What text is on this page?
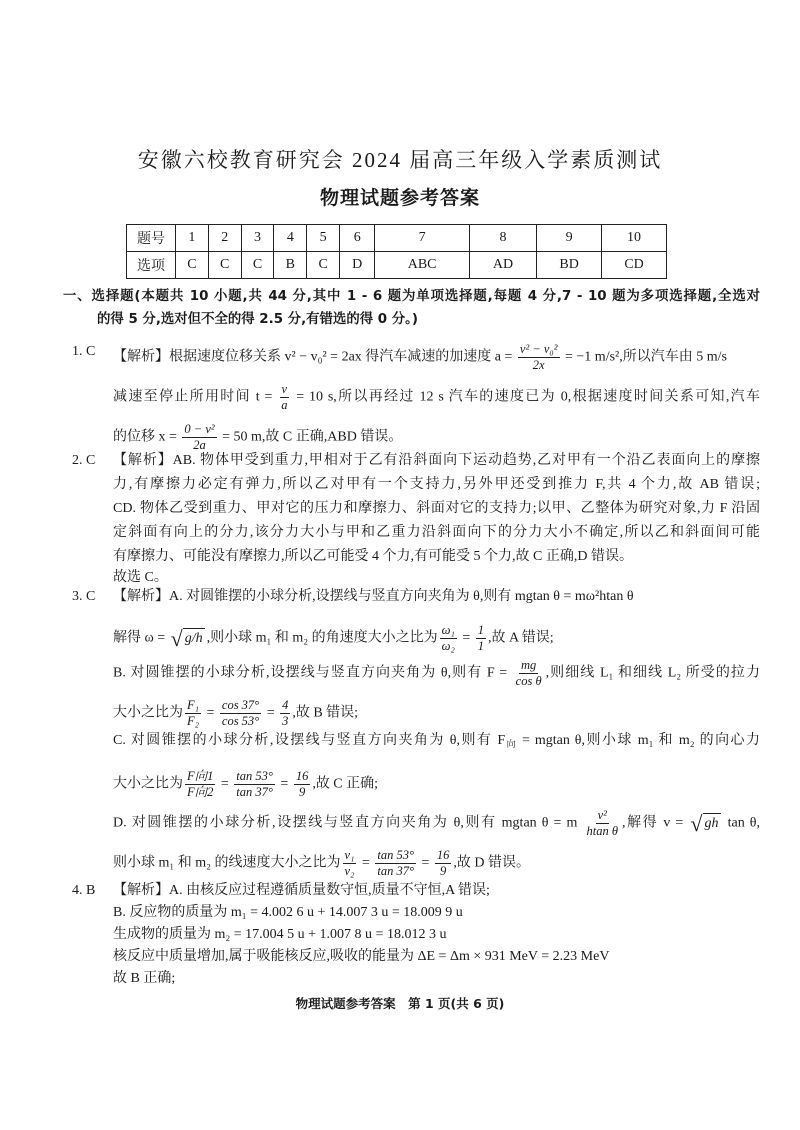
安徽六校教育研究会 2024 届高三年级入学素质测试
物理试题参考答案
题号	1	2	3	4	5	6	7	8	9	10
选项	C	C	C	B	C	D	ABC	AD	BD	CD
一、选择题(本题共 10 小题,共 44 分,其中 1 - 6 题为单项选择题,每题 4 分,7 - 10 题为多项选择题,全选对
的得 5 分,选对但不全的得 2.5 分,有错选的得 0 分。)
1. C 【解析】根据速度位移关系 v² − v₀² = 2ax 得汽车减速的加速度 $a = \frac{\text{v² − v₀²}}{2x} = -1$ m/s²,所以汽车由 5 m/s
减速至停止所用时间 $t = \frac{v}{a} = 10$ s,所以再经过 12 s 汽车的速度已为 0,根据速度时间关系可知,汽车
的位移 $x = \frac{\text{0 − v²}}{2a} = 50$ m,故 C 正确,ABD 错误。
2. C 【解析】AB. 物体甲受到重力,甲相对于乙有沿斜面向下运动趋势,乙对甲有一个沿乙表面向上的摩擦
力,有摩擦力必定有弹力,所以乙对甲有一个支持力,另外甲还受到推力 F,共 4 个力,故 AB 错误;
CD. 物体乙受到重力、甲对它的压力和摩擦力、斜面对它的支持力;以甲、乙整体为研究对象,力 F 沿固
定斜面有向上的分力,该分力大小与甲和乙重力沿斜面向下的分力大小不确定,所以乙和斜面间可能
有摩擦力、可能没有摩擦力,所以乙可能受 4 个力,有可能受 5 个力,故 C 正确,D 错误。
故选 C。
3. C 【解析】A. 对圆锥摆的小球分析,设摆线与竖直方向夹角为 θ,则有 mgtan θ = mω²htan θ
解得 ω = √ g/h ,则小球 m₁ 和 m₂ 的角速度大小之比为 $\frac{\text{ω₁}}{\text{ω₂}} = \frac{1}{1}$ ,故 A 错误;
B. 对圆锥摆的小球分析,设摆线与竖直方向夹角为 θ,则有 $F = \frac{mg}{\text{cos θ}}$ ,则细线 L₁ 和细线 L₂ 所受的拉力
大小之比为 $\frac{\text{F₁}}{\text{F₂}} = \frac{\cos 37^\circ}{\cos 53^\circ} = \frac{4}{3}$ ,故 B 错误;
C. 对圆锥摆的小球分析,设摆线与竖直方向夹角为 θ,则有 $F_向 = mgtan$ θ,则小球 m₁ 和 m₂ 的向心力
大小之比为 $\frac{\text{F向1}}{\text{F向2}} = \frac{\tan 53^\circ}{\tan 37^\circ} = \frac{16}{9}$ ,故 C 正确;
D. 对圆锥摆的小球分析,设摆线与竖直方向夹角为 θ,则有 mgtan θ = m $\frac{\text{v²}}{\text{htan θ}}$ ,解得 v = √ gh tan θ,
则小球 m₁ 和 m₂ 的线速度大小之比为 $\frac{\text{v₁}}{\text{v₂}} = \frac{\tan 53^\circ}{\tan 37^\circ} = \frac{16}{9}$ ,故 D 错误。
4. B 【解析】A. 由核反应过程遵循质量数守恒,质量不守恒,A 错误;
B. 反应物的质量为 m₁ = 4.002 6 u + 14.007 3 u = 18.009 9 u
生成物的质量为 m₂ = 17.004 5 u + 1.007 8 u = 18.012 3 u
核反应中质量增加,属于吸能核反应,吸收的能量为 ΔE = Δm × 931 MeV = 2.23 MeV
故 B 正确;
物理试题参考答案　第 1 页(共 6 页)
